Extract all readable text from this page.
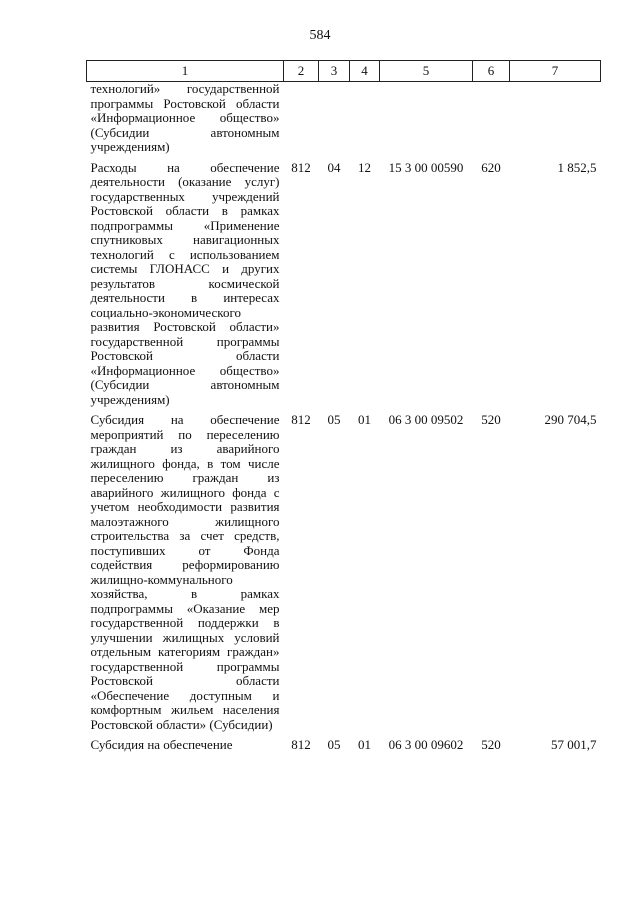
584
1	2	3	4	5	6	7
технологий» государственной программы Ростовской области «Информационное общество» (Субсидии автономным учреждениям)						
Расходы на обеспечение деятельности (оказание услуг) государственных учреждений Ростовской области в рамках подпрограммы «Применение спутниковых навигационных технологий с использованием системы ГЛОНАСС и других результатов космической деятельности в интересах социально-экономического развития Ростовской области» государственной программы Ростовской области «Информационное общество» (Субсидии автономным учреждениям)	812	04	12	15 3 00 00590	620	1 852,5
Субсидия на обеспечение мероприятий по переселению граждан из аварийного жилищного фонда, в том числе переселению граждан из аварийного жилищного фонда с учетом необходимости развития малоэтажного жилищного строительства за счет средств, поступивших от Фонда содействия реформированию жилищно-коммунального хозяйства, в рамках подпрограммы «Оказание мер государственной поддержки в улучшении жилищных условий отдельным категориям граждан» государственной программы Ростовской области «Обеспечение доступным и комфортным жильем населения Ростовской области» (Субсидии)	812	05	01	06 3 00 09502	520	290 704,5
Субсидия на обеспечение	812	05	01	06 3 00 09602	520	57 001,7
